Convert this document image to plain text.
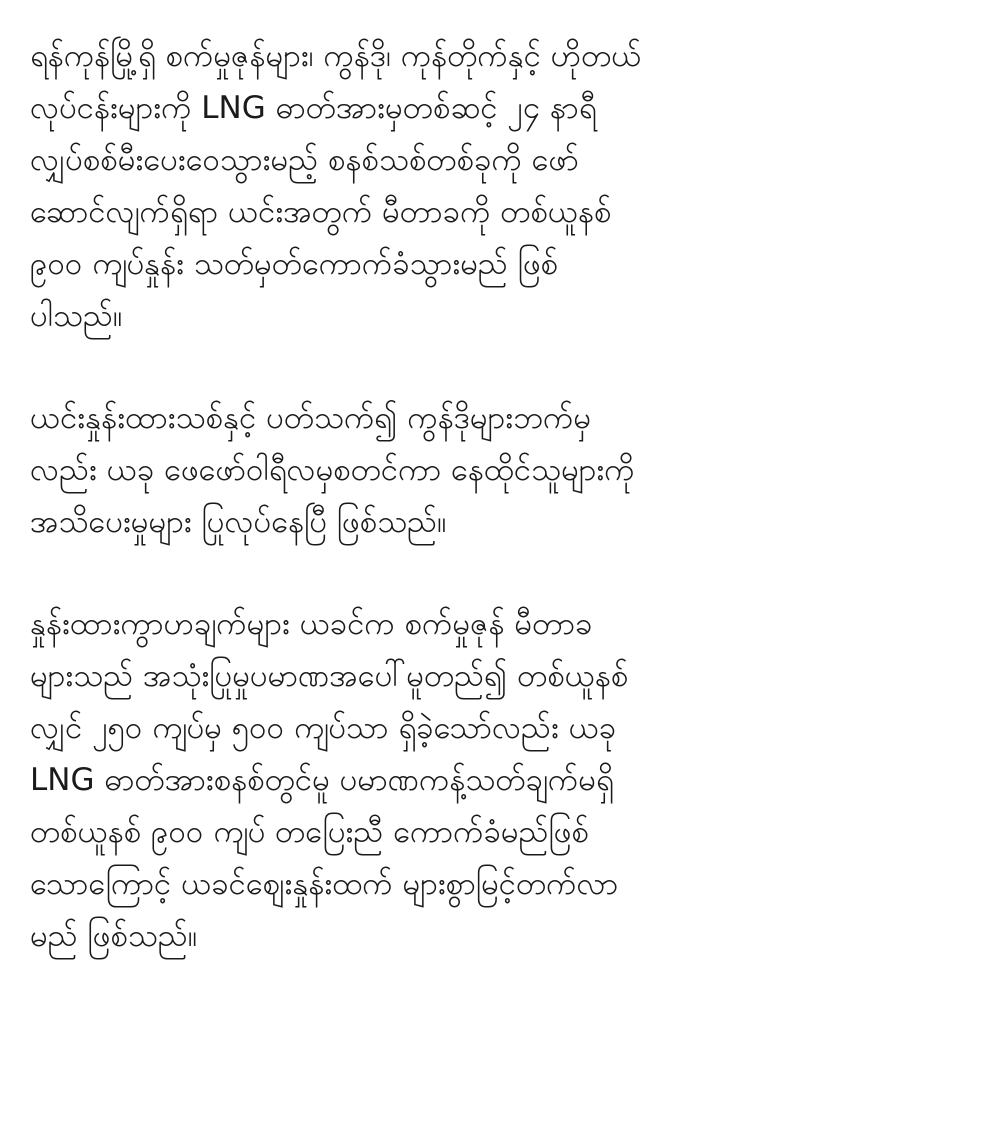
ရန်ကုန်မြို့ရှိ စက်မှုဇုန်များ၊ ကွန်ဒို၊ ကုန်တိုက်နှင့် ဟိုတယ်
လုပ်ငန်းများကို LNG ဓာတ်အားမှတစ်ဆင့် ၂၄ နာရီ
လျှပ်စစ်မီးပေးဝေသွားမည့် စနစ်သစ်တစ်ခုကို ဖော်
ဆောင်လျက်ရှိရာ ယင်းအတွက် မီတာခကို တစ်ယူနစ်
၉၀၀ ကျပ်နှုန်း သတ်မှတ်ကောက်ခံသွားမည် ဖြစ်
ပါသည်။

ယင်းနှုန်းထားသစ်နှင့် ပတ်သက်၍ ကွန်ဒိုများဘက်မှ
လည်း ယခု ဖေဖော်ဝါရီလမှစတင်ကာ နေထိုင်သူများကို
အသိပေးမှုများ ပြုလုပ်နေပြီ ဖြစ်သည်။

နှုန်းထားကွာဟချက်များ ယခင်က စက်မှုဇုန် မီတာခ
များသည် အသုံးပြုမှုပမာဏအပေါ်မူတည်၍ တစ်ယူနစ်
လျှင် ၂၅၀ ကျပ်မှ ၅၀၀ ကျပ်သာ ရှိခဲ့သော်လည်း ယခု
LNG ဓာတ်အားစနစ်တွင်မူ ပမာဏကန့်သတ်ချက်မရှိ
တစ်ယူနစ် ၉၀၀ ကျပ် တပြေးညီ ကောက်ခံမည်ဖြစ်
သောကြောင့် ယခင်ဈေးနှုန်းထက် များစွာမြင့်တက်လာ
မည် ဖြစ်သည်။
